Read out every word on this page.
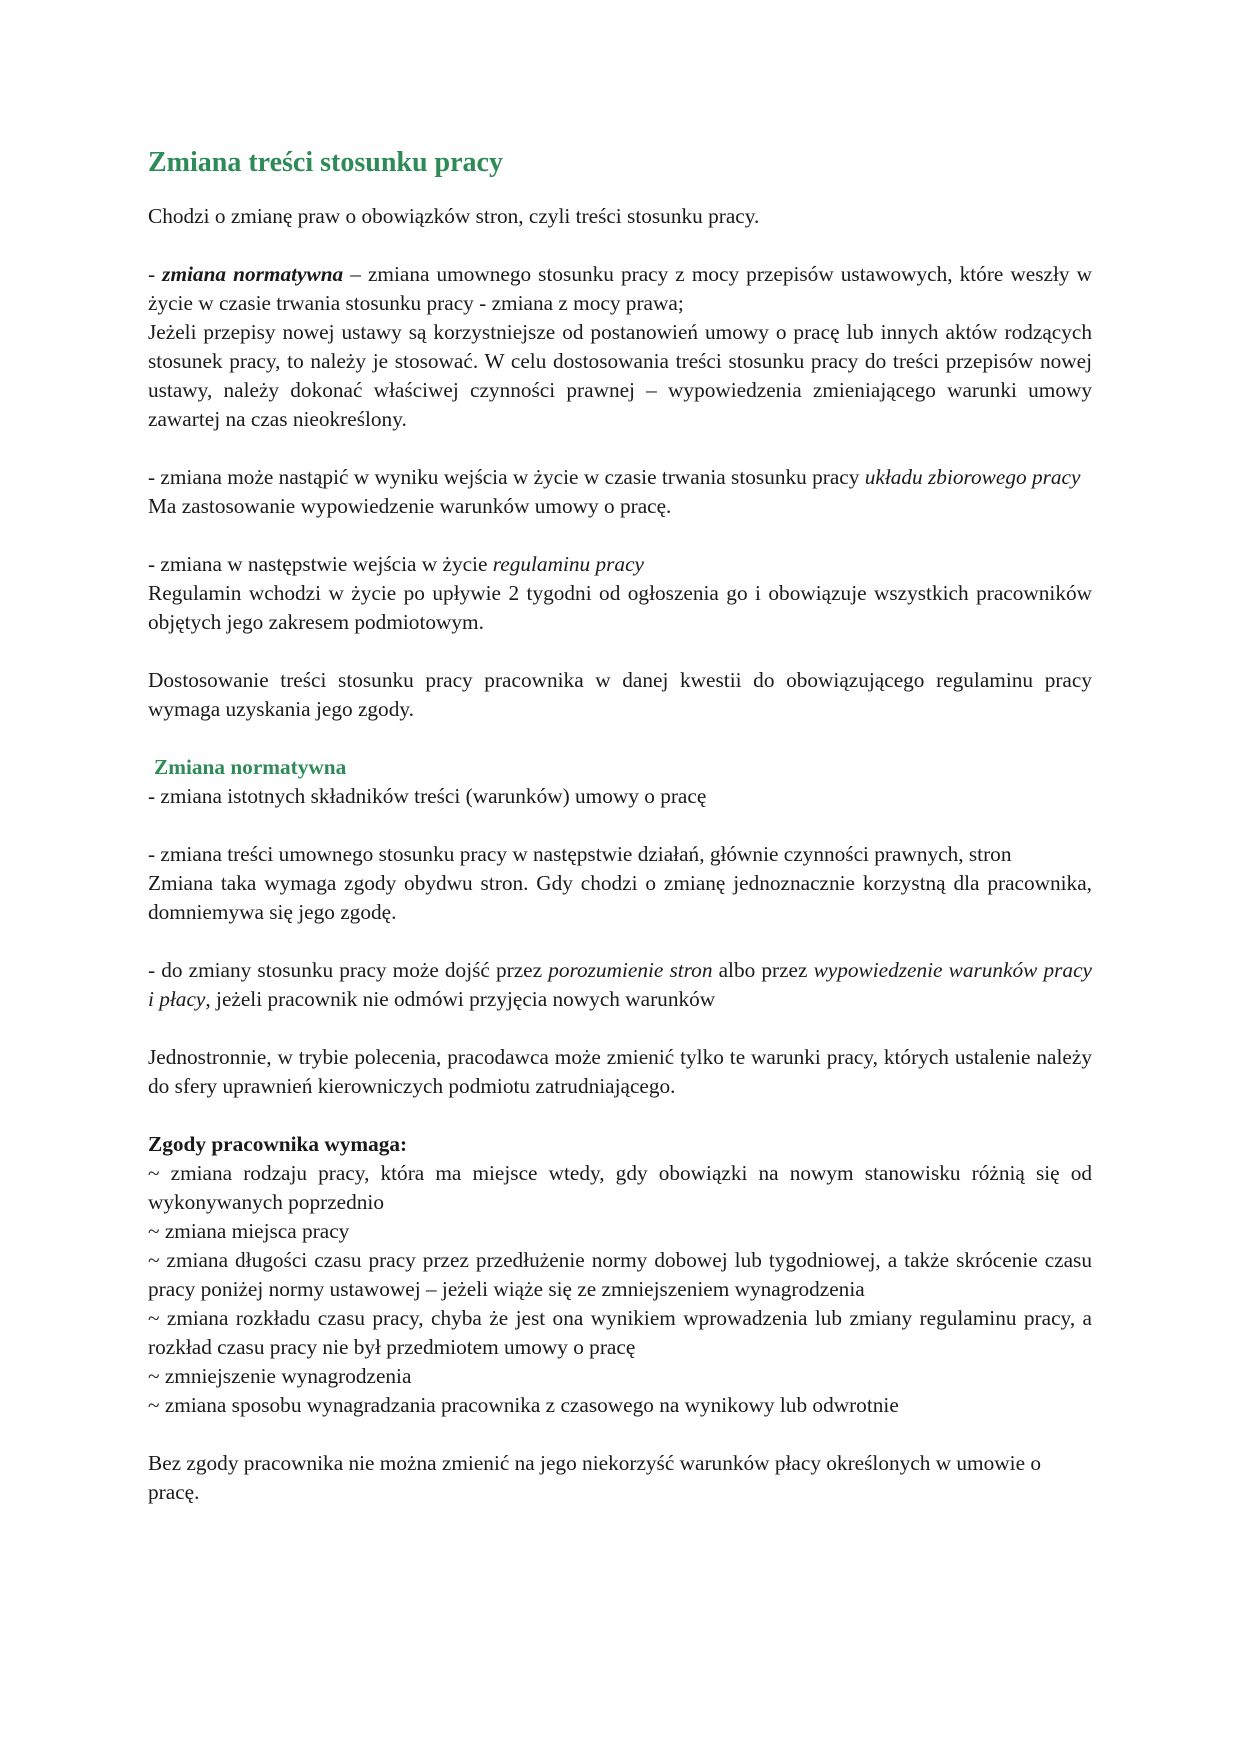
Zmiana treści stosunku pracy

Chodzi o zmianę praw o obowiązków stron, czyli treści stosunku pracy.

- zmiana normatywna – zmiana umownego stosunku pracy z mocy przepisów ustawowych, które weszły w życie w czasie trwania stosunku pracy - zmiana z mocy prawa;

Jeżeli przepisy nowej ustawy są korzystniejsze od postanowień umowy o pracę lub innych aktów rodzących stosunek pracy, to należy je stosować. W celu dostosowania treści stosunku pracy do treści przepisów nowej ustawy, należy dokonać właściwej czynności prawnej – wypowiedzenia zmieniającego warunki umowy zawartej na czas nieokreślony.

- zmiana może nastąpić w wyniku wejścia w życie w czasie trwania stosunku pracy układu zbiorowego pracy

Ma zastosowanie wypowiedzenie warunków umowy o pracę.

- zmiana w następstwie wejścia w życie regulaminu pracy

Regulamin wchodzi w życie po upływie 2 tygodni od ogłoszenia go i obowiązuje wszystkich pracowników objętych jego zakresem podmiotowym.

Dostosowanie treści stosunku pracy pracownika w danej kwestii do obowiązującego regulaminu pracy wymaga uzyskania jego zgody.

Zmiana normatywna

- zmiana istotnych składników treści (warunków) umowy o pracę

- zmiana treści umownego stosunku pracy w następstwie działań, głównie czynności prawnych, stron

Zmiana taka wymaga zgody obydwu stron. Gdy chodzi o zmianę jednoznacznie korzystną dla pracownika, domniemywa się jego zgodę.

- do zmiany stosunku pracy może dojść przez porozumienie stron albo przez wypowiedzenie warunków pracy i płacy, jeżeli pracownik nie odmówi przyjęcia nowych warunków

Jednostronnie, w trybie polecenia, pracodawca może zmienić tylko te warunki pracy, których ustalenie należy do sfery uprawnień kierowniczych podmiotu zatrudniającego.

Zgody pracownika wymaga:

~ zmiana rodzaju pracy, która ma miejsce wtedy, gdy obowiązki na nowym stanowisku różnią się od wykonywanych poprzednio

~ zmiana miejsca pracy

~ zmiana długości czasu pracy przez przedłużenie normy dobowej lub tygodniowej, a także skrócenie czasu pracy poniżej normy ustawowej – jeżeli wiąże się ze zmniejszeniem wynagrodzenia

~ zmiana rozkładu czasu pracy, chyba że jest ona wynikiem wprowadzenia lub zmiany regulaminu pracy, a rozkład czasu pracy nie był przedmiotem umowy o pracę

~ zmniejszenie wynagrodzenia

~ zmiana sposobu wynagradzania pracownika z czasowego na wynikowy lub odwrotnie

Bez zgody pracownika nie można zmienić na jego niekorzyść warunków płacy określonych w umowie o pracę.
